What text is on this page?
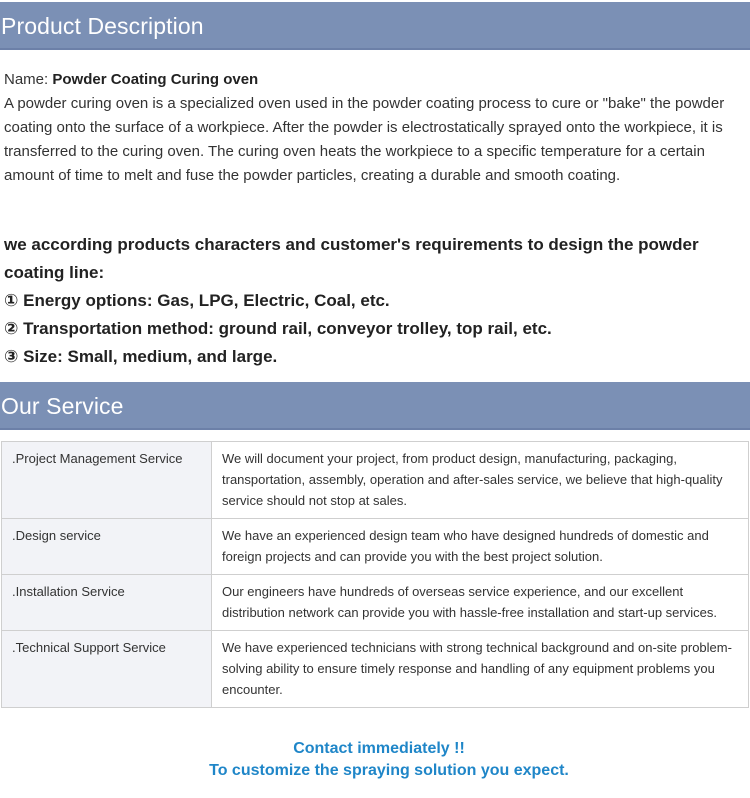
Product Description
Name: Powder Coating Curing oven

A powder curing oven is a specialized oven used in the powder coating process to cure or "bake" the powder coating onto the surface of a workpiece. After the powder is electrostatically sprayed onto the workpiece, it is transferred to the curing oven. The curing oven heats the workpiece to a specific temperature for a certain amount of time to melt and fuse the powder particles, creating a durable and smooth coating.

we according products characters and customer's requirements to design the powder coating line:

① Energy options: Gas, LPG, Electric, Coal, etc.

② Transportation method: ground rail, conveyor trolley, top rail, etc.

③ Size: Small, medium, and large.

Our Service
.Project Management Service	We will document your project, from product design, manufacturing, packaging, transportation, assembly, operation and after-sales service, we believe that high-quality service should not stop at sales.
.Design service	We have an experienced design team who have designed hundreds of domestic and foreign projects and can provide you with the best project solution.
.Installation Service	Our engineers have hundreds of overseas service experience, and our excellent distribution network can provide you with hassle-free installation and start-up services.
.Technical Support Service	We have experienced technicians with strong technical background and on-site problem-solving ability to ensure timely response and handling of any equipment problems you encounter.
Contact immediately !!
To customize the spraying solution you expect.
